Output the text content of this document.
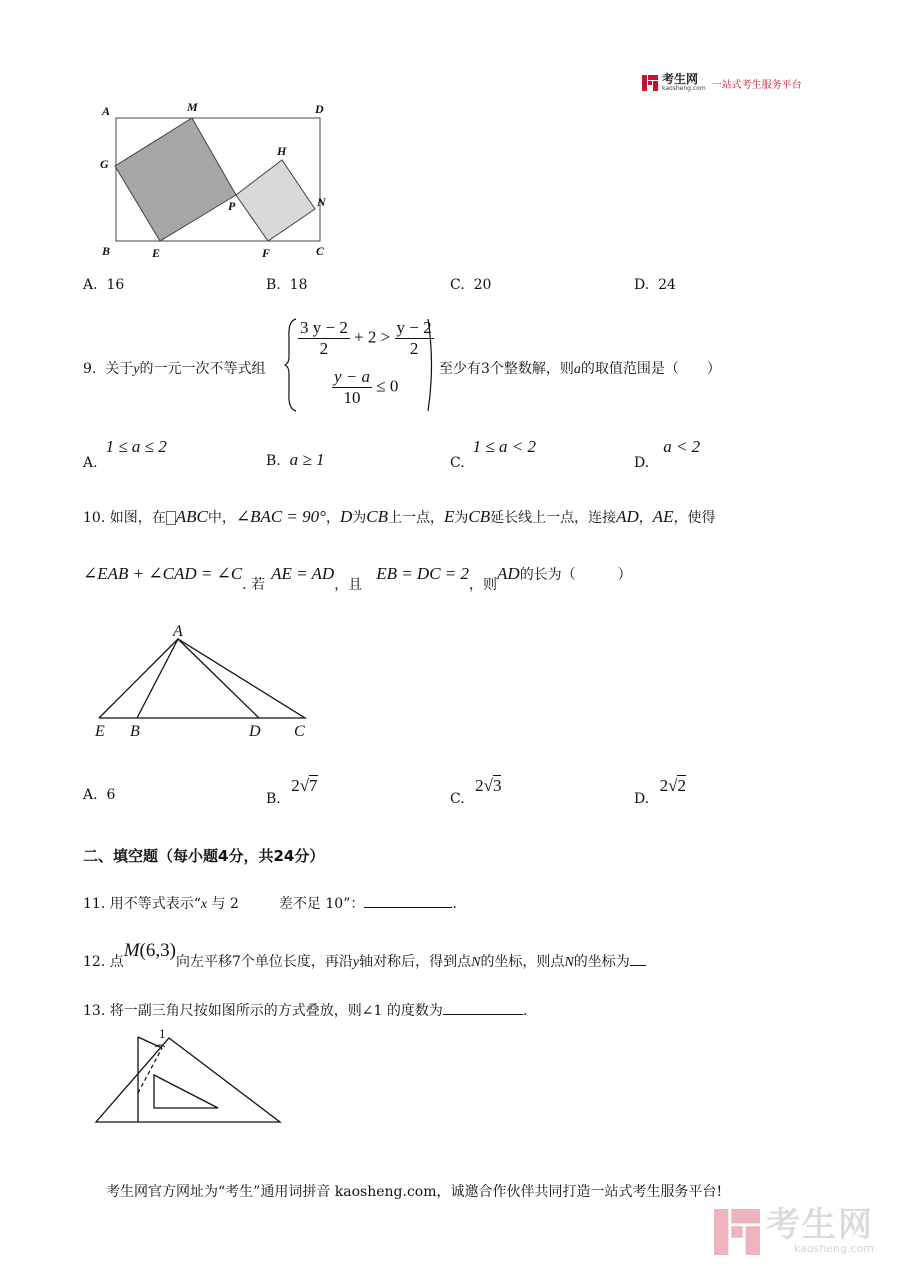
考生网
kaosheng.com 一站式考生服务平台
A	M	D
G
H
P	N
B	E	F	C
A. 16	B. 18	C. 20	D. 24
9. 关于y的一元一次不等式组
$\frac{3 y - 2}{2} + 2 > \frac{y - 2}{2}$
$\frac{y - a}{10} \le 0$
至少有3个整数解，则a的取值范围是（　　）
A.1 ≤ a ≤ 2
B. a ≥ 1	C.1 ≤ a < 2
D.a < 2
10. 如图，在 ABC中，∠BAC = 90°，D为CB上一点，E为CB延长线上一点，连接AD，AE，使得
∠EAB + ∠CAD = ∠C. 若AE = AD，且EB = DC = 2，则AD的长为（　　　）
A
E B	D C
A. 6	B. 2√7
C. 2√3
D. 2√2
二、填空题（每小题4分，共24分）
11. 用不等式表示“x 与 2	差不足 10”：	.
12. 点M(6,3)向左平移7个单位长度，再沿y轴对称后，得到点N的坐标，则点N的坐标为
13. 将一副三角尺按如图所示的方式叠放，则∠1 的度数为	.
1
考生网官方网址为“考生”通用词拼音 kaosheng.com，诚邀合作伙伴共同打造一站式考生服务平台!
考生网
kaosheng.com
